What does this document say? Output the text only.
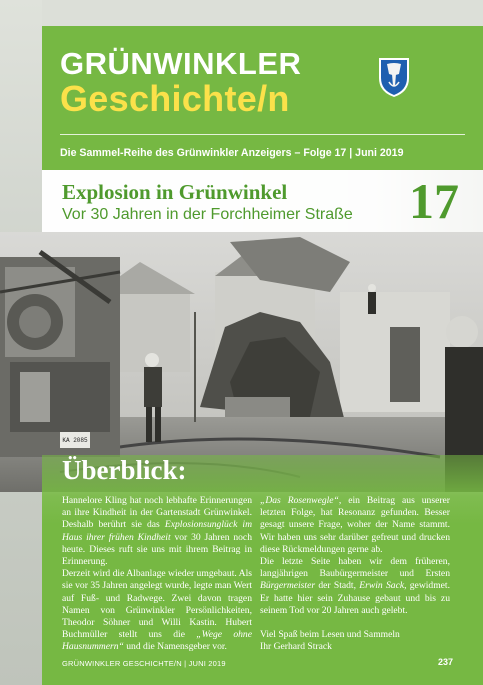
GRÜNWINKLER
Geschichte/n

Die Sammel-Reihe des Grünwinkler Anzeigers – Folge 17 | Juni 2019

Explosion in Grünwinkel

Vor 30 Jahren in der Forchheimer Straße 17
KA 2085
Überblick:

Hannelore Kling hat noch lebhafte Erinnerungen an ihre Kindheit in der Gartenstadt Grünwinkel. Deshalb berührt sie das Explosionsunglück im Haus ihrer frühen Kindheit vor 30 Jahren noch heute. Dieses ruft sie uns mit ihrem Beitrag in Erinnerung.

Derzeit wird die Albanlage wieder umgebaut. Als sie vor 35 Jahren angelegt wurde, legte man Wert auf Fuß- und Radwege. Zwei davon tragen Namen von Grünwinkler Persönlichkeiten, Theodor Söhner und Willi Kastin. Hubert Buchmüller stellt uns die „Wege ohne Hausnummern“ und die Namensgeber vor.

„Das Rosenwegle“, ein Beitrag aus unserer letzten Folge, hat Resonanz gefunden. Besser gesagt unsere Frage, woher der Name stammt. Wir haben uns sehr darüber gefreut und drucken diese Rückmeldungen gerne ab.

Die letzte Seite haben wir dem früheren, langjährigen Baubürgermeister und Ersten Bürgermeister der Stadt, Erwin Sack, gewidmet. Er hatte hier sein Zuhause gebaut und bis zu seinem Tod vor 20 Jahren auch gelebt.

Viel Spaß beim Lesen und Sammeln

Ihr Gerhard Strack

GRÜNWINKLER GESCHICHTE/N | JUNI 2019	237
